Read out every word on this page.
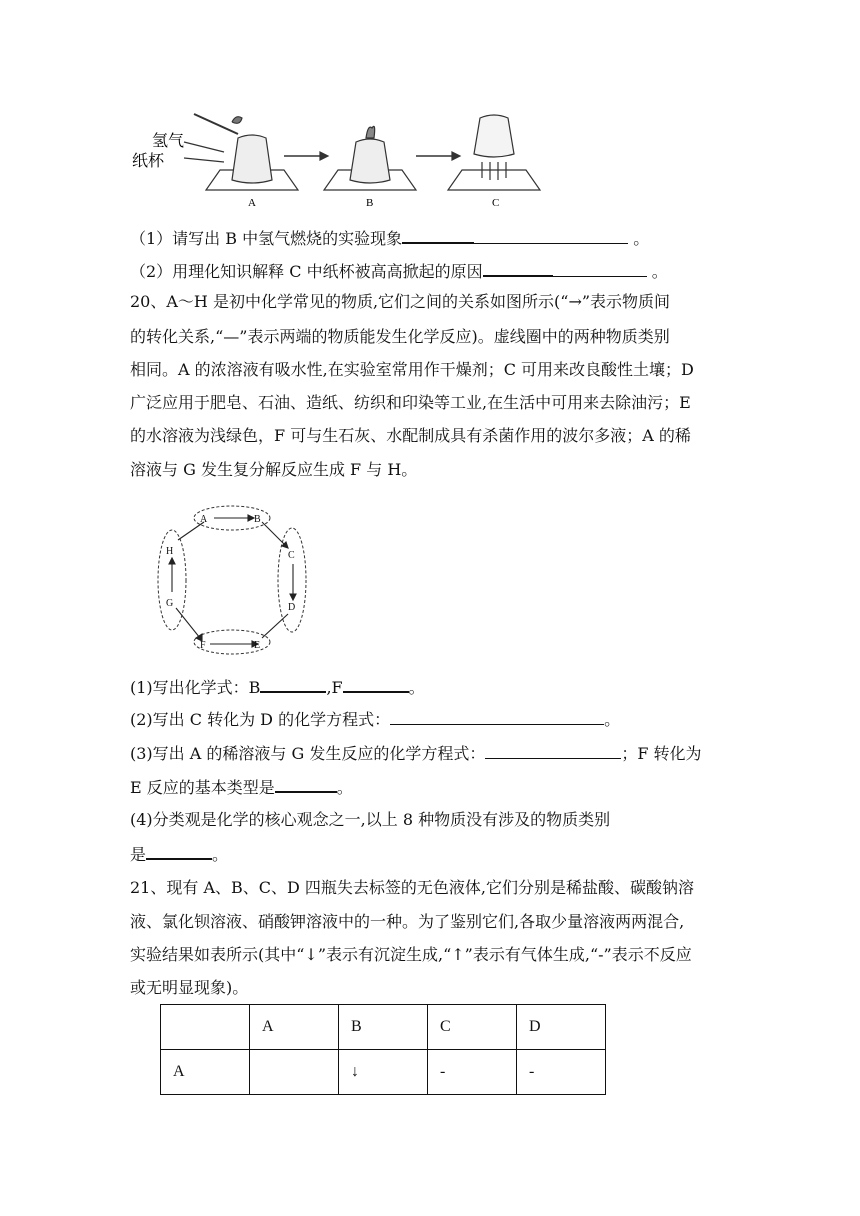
氢气
纸杯
A	B	C
（1）请写出 B 中氢气燃烧的实验现象	。
（2）用理化知识解释 C 中纸杯被高高掀起的原因	。
20、A～H 是初中化学常见的物质,它们之间的关系如图所示(“→”表示物质间
的转化关系,“—”表示两端的物质能发生化学反应)。虚线圈中的两种物质类别
相同。A 的浓溶液有吸水性,在实验室常用作干燥剂；C 可用来改良酸性土壤；D
广泛应用于肥皂、石油、造纸、纺织和印染等工业,在生活中可用来去除油污；E
的水溶液为浅绿色，F 可与生石灰、水配制成具有杀菌作用的波尔多液；A 的稀
溶液与 G 发生复分解反应生成 F 与 H。
A	B
C
D
E
F
G
H
(1)写出化学式：B	,F	。
(2)写出 C 转化为 D 的化学方程式：	。
(3)写出 A 的稀溶液与 G 发生反应的化学方程式：	；F 转化为
E 反应的基本类型是	。
(4)分类观是化学的核心观念之一,以上 8 种物质没有涉及的物质类别
是	。
21、现有 A、B、C、D 四瓶失去标签的无色液体,它们分别是稀盐酸、碳酸钠溶
液、氯化钡溶液、硝酸钾溶液中的一种。为了鉴别它们,各取少量溶液两两混合,
实验结果如表所示(其中“↓”表示有沉淀生成,“↑”表示有气体生成,“-”表示不反应
或无明显现象)。
	A	B	C	D
A		↓	-	-
